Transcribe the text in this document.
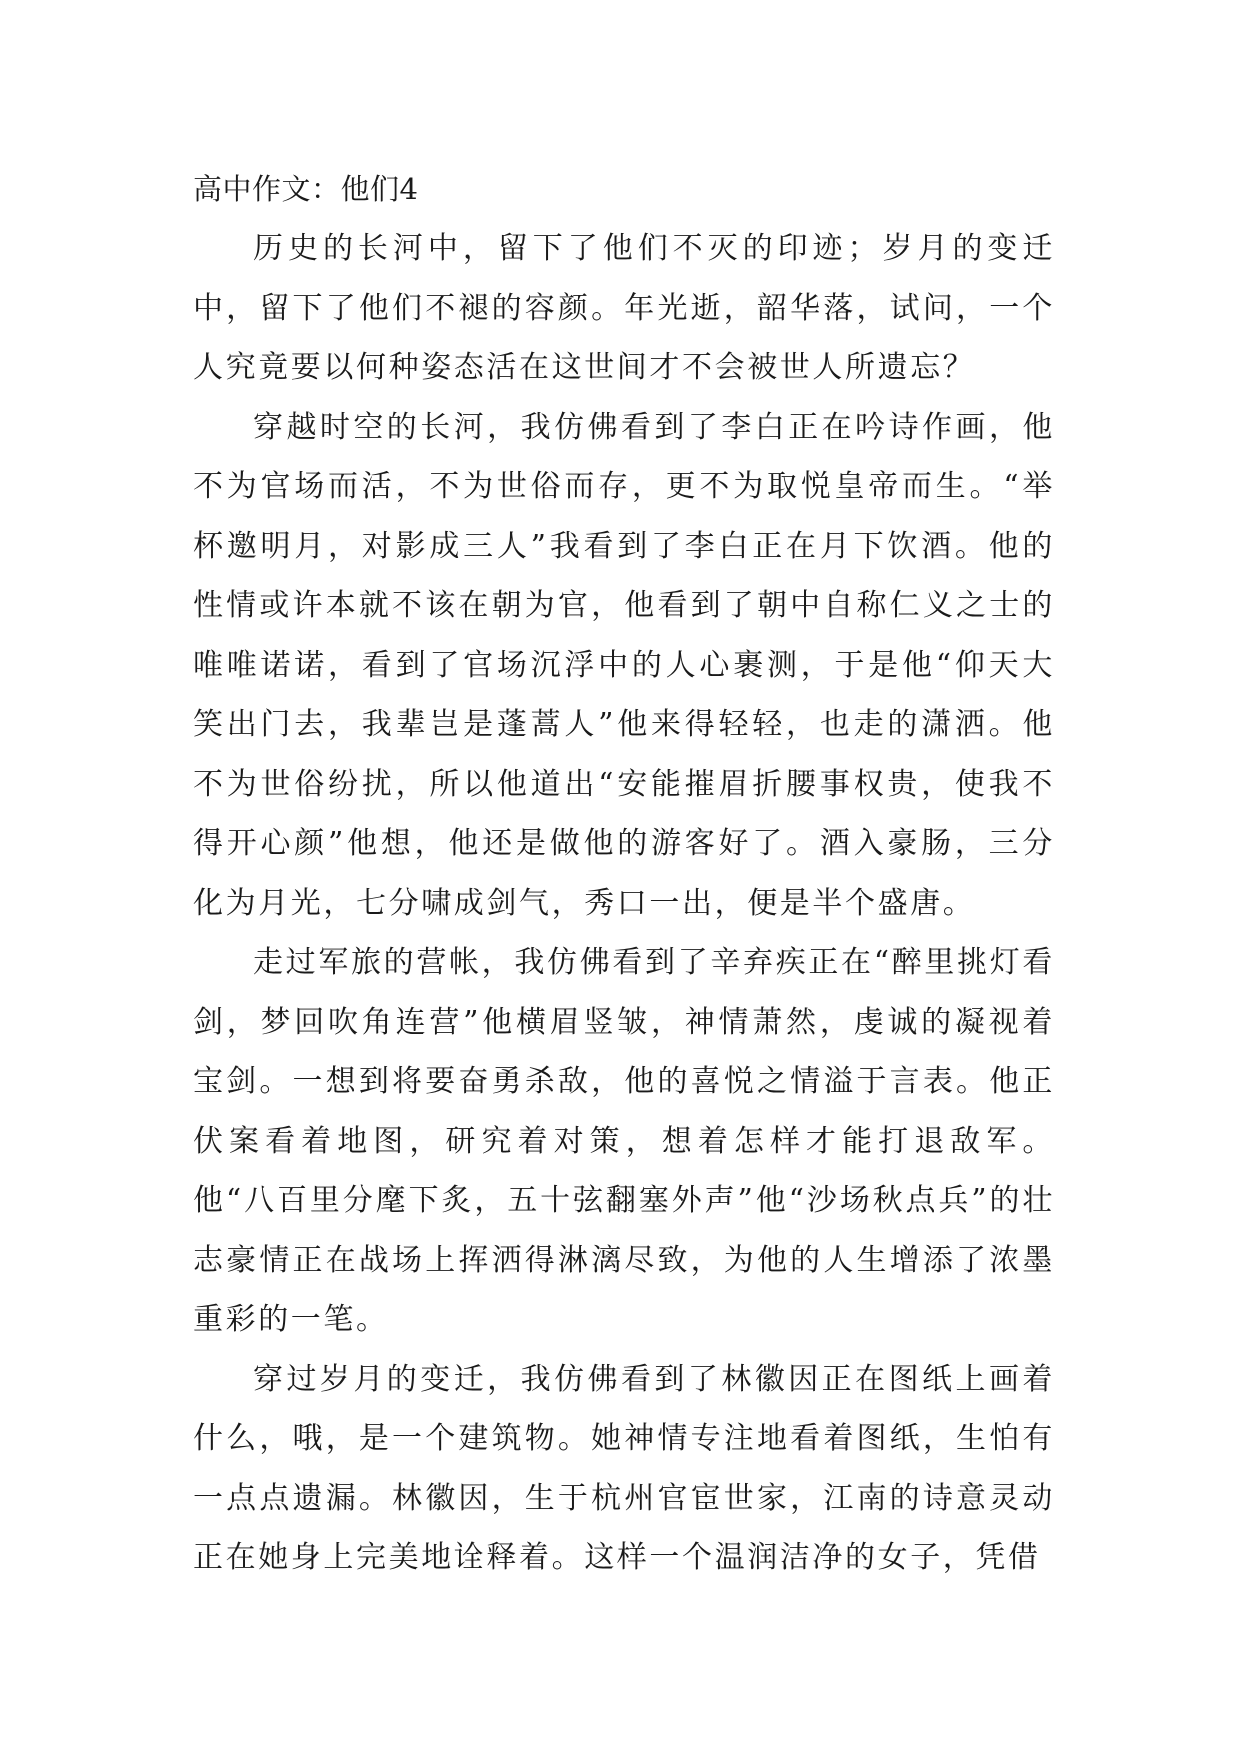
高中作文：他们4

历史的长河中，留下了他们不灭的印迹；岁月的变迁中，留下了他们不褪的容颜。年光逝，韶华落，试问，一个人究竟要以何种姿态活在这世间才不会被世人所遗忘？

穿越时空的长河，我仿佛看到了李白正在吟诗作画，他不为官场而活，不为世俗而存，更不为取悦皇帝而生。“举杯邀明月，对影成三人”我看到了李白正在月下饮酒。他的性情或许本就不该在朝为官，他看到了朝中自称仁义之士的唯唯诺诺，看到了官场沉浮中的人心裹测，于是他“仰天大笑出门去，我辈岂是蓬蒿人”他来得轻轻，也走的潇洒。他不为世俗纷扰，所以他道出“安能摧眉折腰事权贵，使我不得开心颜”他想，他还是做他的游客好了。酒入豪肠，三分化为月光，七分啸成剑气，秀口一出，便是半个盛唐。

走过军旅的营帐，我仿佛看到了辛弃疾正在“醉里挑灯看剑，梦回吹角连营”他横眉竖皱，神情萧然，虔诚的凝视着宝剑。一想到将要奋勇杀敌，他的喜悦之情溢于言表。他正伏案看着地图，研究着对策，想着怎样才能打退敌军。他“八百里分麾下炙，五十弦翻塞外声”他“沙场秋点兵”的壮志豪情正在战场上挥洒得淋漓尽致，为他的人生增添了浓墨重彩的一笔。

穿过岁月的变迁，我仿佛看到了林徽因正在图纸上画着什么，哦，是一个建筑物。她神情专注地看着图纸，生怕有一点点遗漏。林徽因，生于杭州官宦世家，江南的诗意灵动正在她身上完美地诠释着。这样一个温润洁净的女子，凭借
